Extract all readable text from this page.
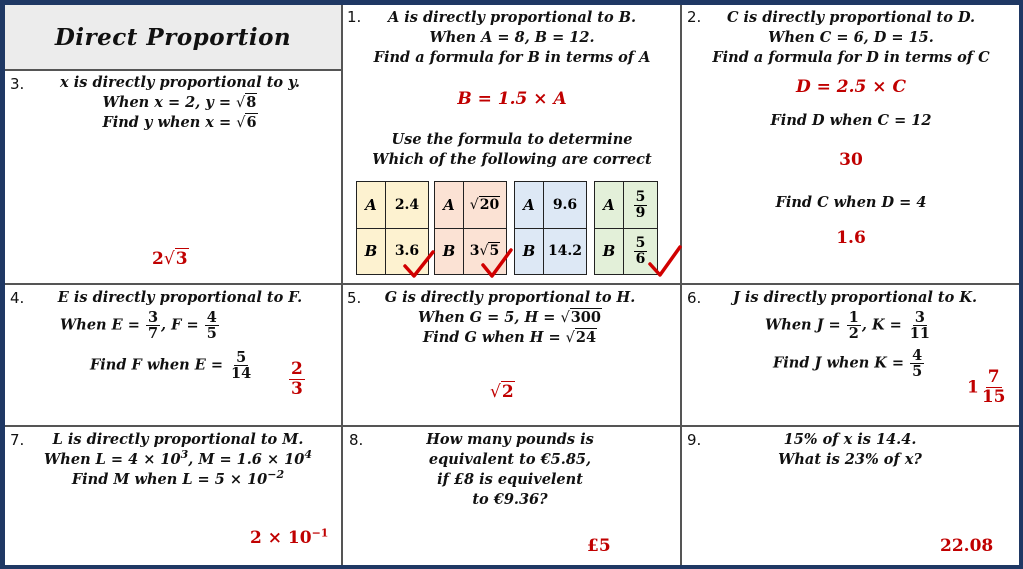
Direct Proportion
3.	x is directly proportional to y.
When x = 2, y = √8
Find y when x = √6
2√3
1.	A is directly proportional to B.
When A = 8, B = 12.
Find a formula for B in terms of A
B = 1.5 × A
Use the formula to determine
Which of the following are correct
A	2.4
B	3.6
A	√20
B	3 √5
A	9.6
B 14.2
A	$\frac{5}{9}$
B	$\frac{5}{6}$
2.	C is directly proportional to D.
When C = 6, D = 15.
Find a formula for D in terms of C
D = 2.5 × C
Find D when C = 12
30
Find C when D = 4
1.6
4.	E is directly proportional to F.
When $E = \frac{3}{7}$ , $F = \frac{4}{5}$
Find F when $E = \frac{5}{14} \frac{2}{3}$
5.	G is directly proportional to H.
When G = 5, H = √300
Find G when H = √24
√2
6.	J is directly proportional to K.
When $J = \frac{1}{2}$ , $K = \frac{3}{11}$
Find J when $K = \frac{4}{5}$
$1 \frac{7}{15}$
7.	L is directly proportional to M.
When $L = 4 \times 10^3$, $M = 1.6 \times 10^4$
Find M when $L = 5 \times 10^{-2}$
$2 \times 10^{-1}$
8.	How many pounds is
equivalent to €5.85,
if £8 is equivelent
to €9.36?
£5
9.	15% of x is 14.4.
What is 23% of x?
22.08
